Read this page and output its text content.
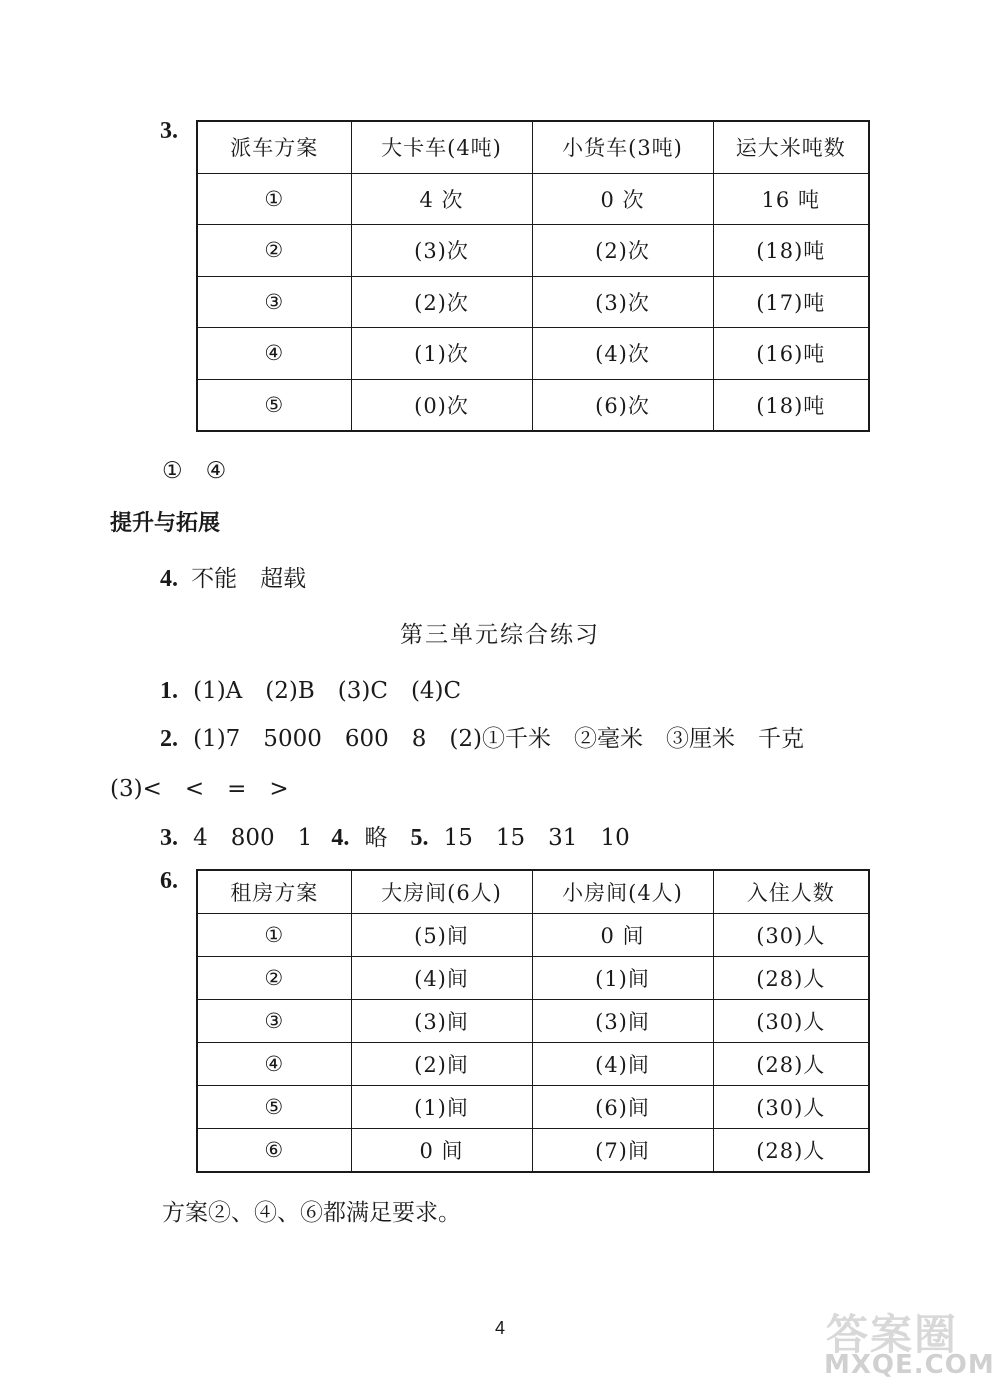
3.
派车方案	大卡车(4吨)	小货车(3吨)	运大米吨数
①	4 次	0 次	16 吨
②	(3)次	(2)次	(18)吨
③	(2)次	(3)次	(17)吨
④	(1)次	(4)次	(16)吨
⑤	(0)次	(6)次	(18)吨
①　④
提升与拓展
4. 不能　超载
第三单元综合练习
1. (1)A　(2)B　(3)C　(4)C
2. (1)7　5000　600　8　(2)①千米　②毫米　③厘米　千克
(3)<　<　=　>
3. 4　800　1 4. 略 5. 15　15　31　10
6. 租房方案	大房间(6人)	小房间(4人)	入住人数
①	(5)间	0 间	(30)人
②	(4)间	(1)间	(28)人
③	(3)间	(3)间	(30)人
④	(2)间	(4)间	(28)人
⑤	(1)间	(6)间	(30)人
⑥	0 间	(7)间	(28)人
方案②、④、⑥都满足要求。
4	答案圈
MXQE.COM
